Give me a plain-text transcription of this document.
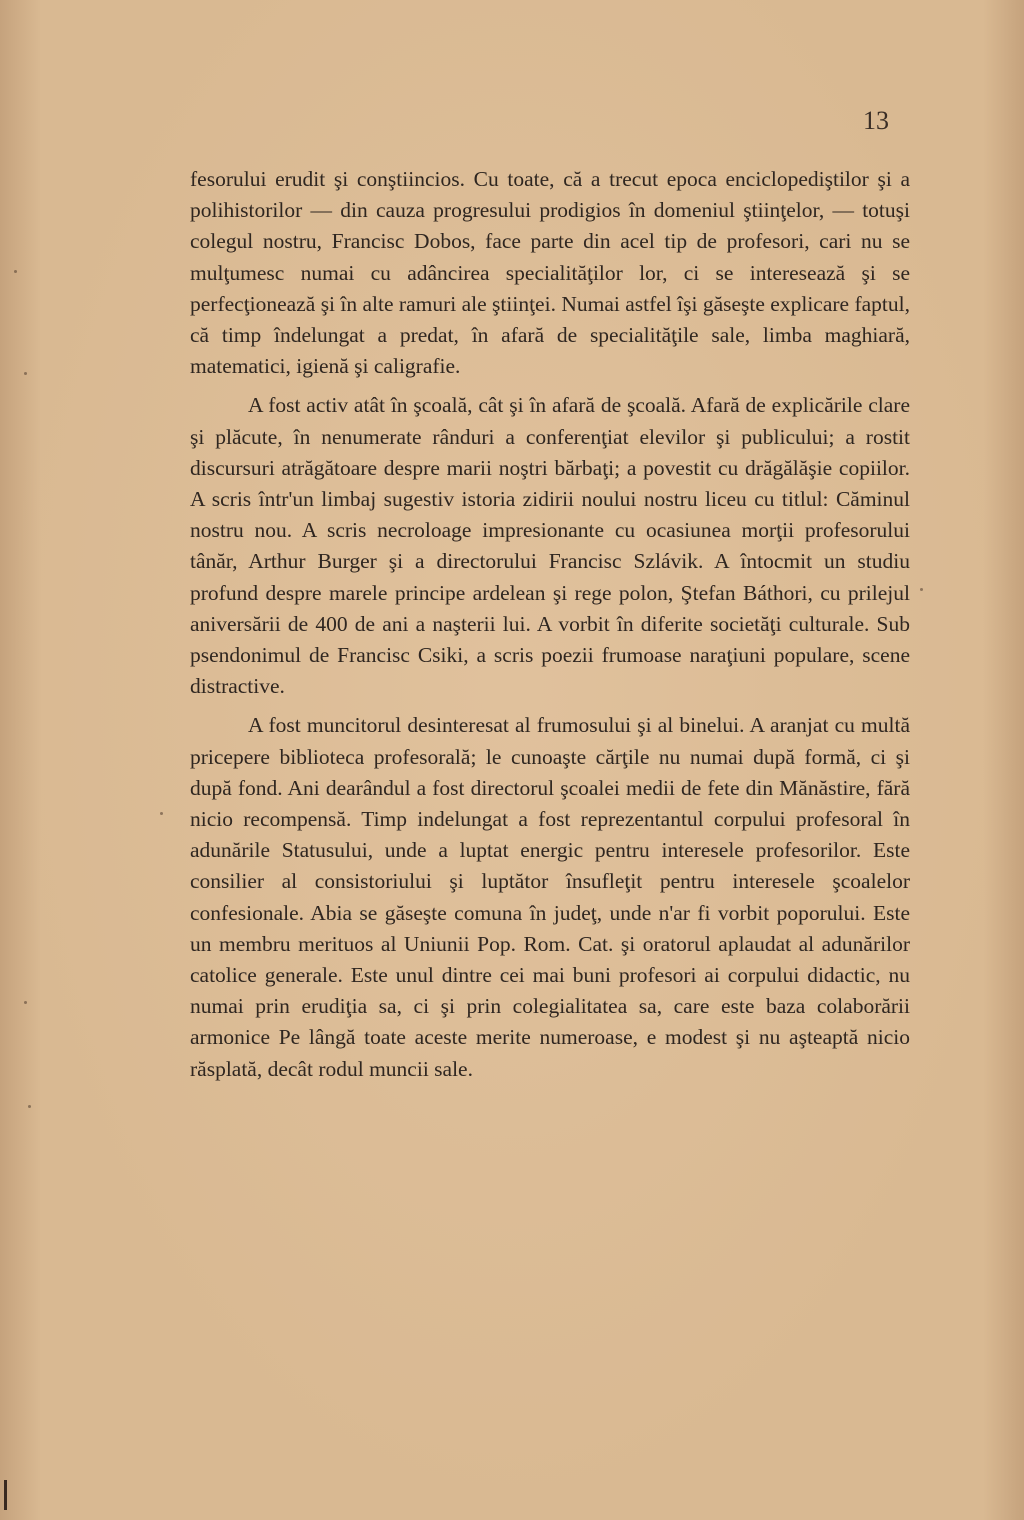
13

fesorului erudit şi conştiincios. Cu toate, că a trecut epoca enciclopediştilor şi a polihistorilor — din cauza progresului prodigios în domeniul ştiinţelor, — totuşi colegul nostru, Francisc Dobos, face parte din acel tip de profesori, cari nu se mulţumesc numai cu adâncirea specialităţilor lor, ci se interesează şi se perfecţionează şi în alte ramuri ale ştiinţei. Numai astfel îşi găseşte explicare faptul, că timp îndelungat a predat, în afară de specialităţile sale, limba maghiară, matematici, igienă şi caligrafie.

A fost activ atât în şcoală, cât şi în afară de şcoală. Afară de explicările clare şi plăcute, în nenumerate rânduri a conferenţiat elevilor şi publicului; a rostit discursuri atrăgătoare despre marii noştri bărbaţi; a povestit cu drăgălăşie copiilor. A scris într'un limbaj sugestiv istoria zidirii noului nostru liceu cu titlul: Căminul nostru nou. A scris necroloage impresionante cu ocasiunea morţii profesorului tânăr, Arthur Burger şi a directorului Francisc Szlávik. A întocmit un studiu profund despre marele principe ardelean şi rege polon, Ştefan Báthori, cu prilejul aniversării de 400 de ani a naşterii lui. A vorbit în diferite societăţi culturale. Sub psendonimul de Francisc Csiki, a scris poezii frumoase naraţiuni populare, scene distractive.

A fost muncitorul desinteresat al frumosului şi al binelui. A aranjat cu multă pricepere biblioteca profesorală; le cunoaşte cărţile nu numai după formă, ci şi după fond. Ani dearândul a fost directorul şcoalei medii de fete din Mănăstire, fără nicio recompensă. Timp indelungat a fost reprezentantul corpului profesoral în adunările Statusului, unde a luptat energic pentru interesele profesorilor. Este consilier al consistoriului şi luptător însufleţit pentru interesele şcoalelor confesionale. Abia se găseşte comuna în judeţ, unde n'ar fi vorbit poporului. Este un membru merituos al Uniunii Pop. Rom. Cat. şi oratorul aplaudat al adunărilor catolice generale. Este unul dintre cei mai buni profesori ai corpului didactic, nu numai prin erudiţia sa, ci şi prin colegialitatea sa, care este baza colaborării armonice Pe lângă toate aceste merite numeroase, e modest şi nu aşteaptă nicio răsplată, decât rodul muncii sale.
